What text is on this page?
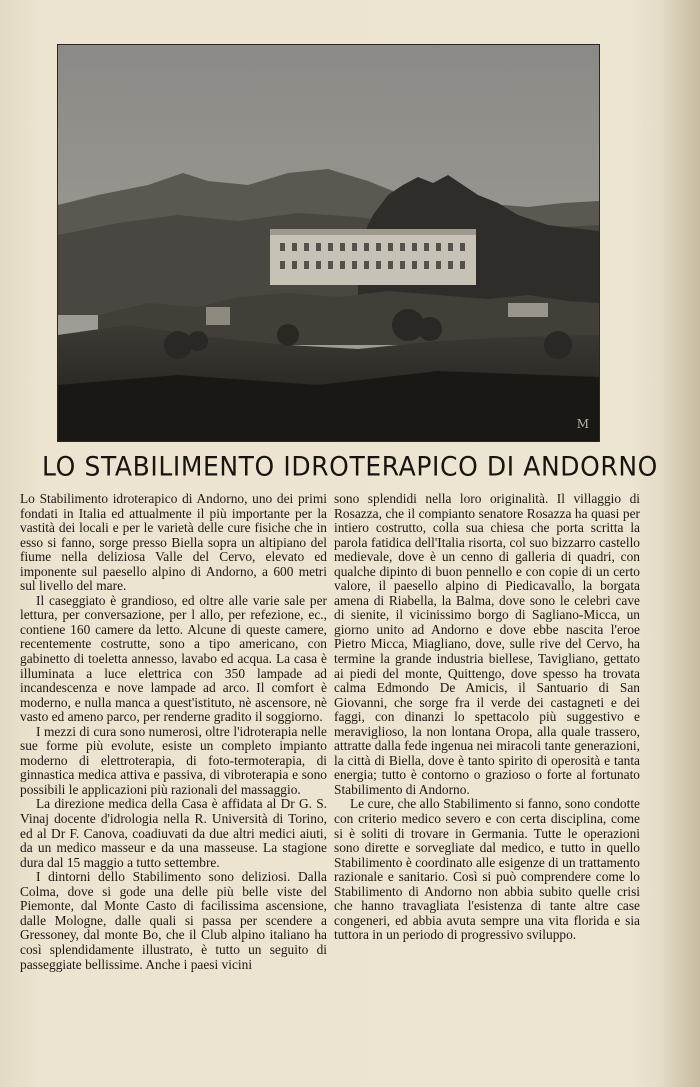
M
LO STABILIMENTO IDROTERAPICO DI ANDORNO

Lo Stabilimento idroterapico di Andorno, uno dei primi fondati in Italia ed attualmente il più importante per la vastità dei locali e per le varietà delle cure fisiche che in esso si fanno, sorge presso Biella sopra un altipiano del fiume nella deliziosa Valle del Cervo, elevato ed imponente sul paesello alpino di Andorno, a 600 metri sul livello del mare.

Il caseggiato è grandioso, ed oltre alle varie sale per lettura, per conversazione, per l allo, per refezione, ec., contiene 160 camere da letto. Alcune di queste camere, recentemente costrutte, sono a tipo americano, con gabinetto di toeletta annesso, lavabo ed acqua. La casa è illuminata a luce elettrica con 350 lampade ad incandescenza e nove lampade ad arco. Il comfort è moderno, e nulla manca a quest'istituto, nè ascensore, nè vasto ed ameno parco, per renderne gradito il soggiorno.

I mezzi di cura sono numerosi, oltre l'idroterapia nelle sue forme più evolute, esiste un completo impianto moderno di elettroterapia, di foto-termoterapia, di ginnastica medica attiva e passiva, di vibroterapia e sono possibili le applicazioni più razionali del massaggio.

La direzione medica della Casa è affidata al Dr G. S. Vinaj docente d'idrologia nella R. Università di Torino, ed al Dr F. Canova, coadiuvati da due altri medici aiuti, da un medico masseur e da una masseuse. La stagione dura dal 15 maggio a tutto settembre.

I dintorni dello Stabilimento sono deliziosi. Dalla Colma, dove si gode una delle più belle viste del Piemonte, dal Monte Casto di facilissima ascensione, dalle Mologne, dalle quali si passa per scendere a Gressoney, dal monte Bo, che il Club alpino italiano ha così splendidamente illustrato, è tutto un seguito di passeggiate bellissime. Anche i paesi vicini

sono splendidi nella loro originalità. Il villaggio di Rosazza, che il compianto senatore Rosazza ha quasi per intiero costrutto, colla sua chiesa che porta scritta la parola fatidica dell'Italia risorta, col suo bizzarro castello medievale, dove è un cenno di galleria di quadri, con qualche dipinto di buon pennello e con copie di un certo valore, il paesello alpino di Piedicavallo, la borgata amena di Riabella, la Balma, dove sono le celebri cave di sienite, il vicinissimo borgo di Sagliano-Micca, un giorno unito ad Andorno e dove ebbe nascita l'eroe Pietro Micca, Miagliano, dove, sulle rive del Cervo, ha termine la grande industria biellese, Tavigliano, gettato ai piedi del monte, Quittengo, dove spesso ha trovata calma Edmondo De Amicis, il Santuario di San Giovanni, che sorge fra il verde dei castagneti e dei faggi, con dinanzi lo spettacolo più suggestivo e meraviglioso, la non lontana Oropa, alla quale trassero, attratte dalla fede ingenua nei miracoli tante generazioni, la città di Biella, dove è tanto spirito di operosità e tanta energia; tutto è contorno o grazioso o forte al fortunato Stabilimento di Andorno.

Le cure, che allo Stabilimento si fanno, sono condotte con criterio medico severo e con certa disciplina, come si è soliti di trovare in Germania. Tutte le operazioni sono dirette e sorvegliate dal medico, e tutto in quello Stabilimento è coordinato alle esigenze di un trattamento razionale e sanitario. Così si può comprendere come lo Stabilimento di Andorno non abbia subito quelle crisi che hanno travagliata l'esistenza di tante altre case congeneri, ed abbia avuta sempre una vita florida e sia tuttora in un periodo di progressivo sviluppo.
